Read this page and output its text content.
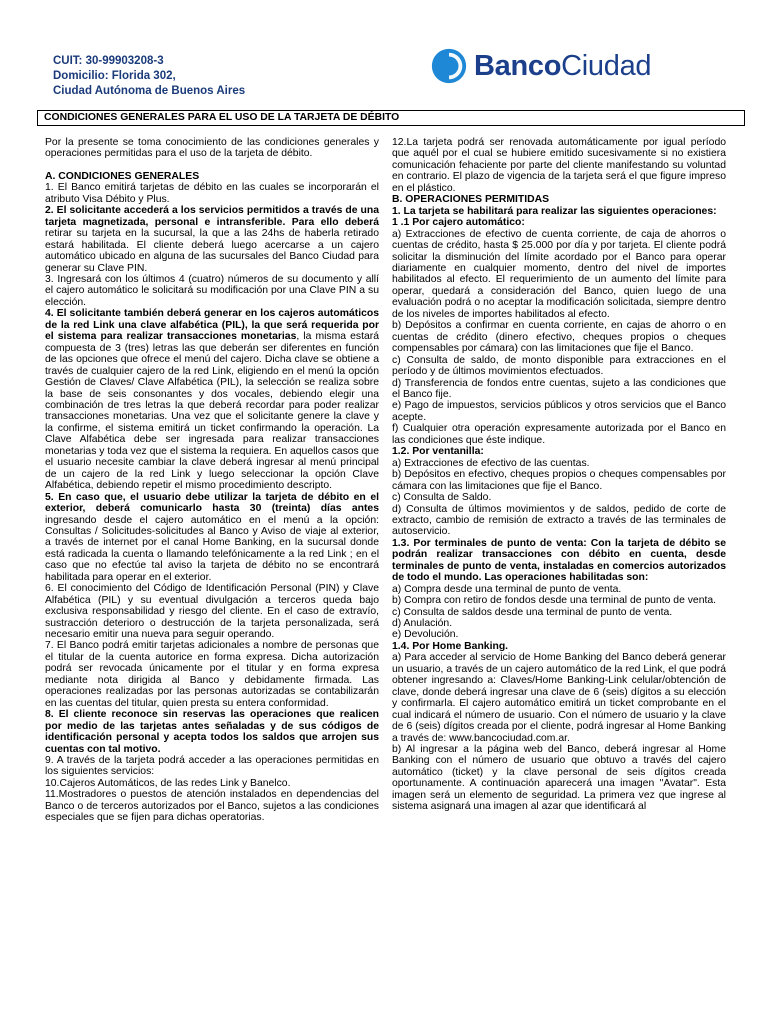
CUIT: 30-99903208-3
Domicilio: Florida 302,
Ciudad Autónoma de Buenos Aires
BancoCiudad
CONDICIONES GENERALES PARA EL USO DE LA TARJETA DE DÉBITO

Por la presente se toma conocimiento de las condiciones generales y operaciones permitidas para el uso de la tarjeta de débito.

A. CONDICIONES GENERALES

1. El Banco emitirá tarjetas de débito en las cuales se incorporarán el atributo Visa Débito y Plus.

2. El solicitante accederá a los servicios permitidos a través de una tarjeta magnetizada, personal e intransferible. Para ello deberá retirar su tarjeta en la sucursal, la que a las 24hs de haberla retirado estará habilitada. El cliente deberá luego acercarse a un cajero automático ubicado en alguna de las sucursales del Banco Ciudad para generar su Clave PIN.

3. Ingresará con los últimos 4 (cuatro) números de su documento y allí el cajero automático le solicitará su modificación por una Clave PIN a su elección.

4. El solicitante también deberá generar en los cajeros automáticos de la red Link una clave alfabética (PIL), la que será requerida por el sistema para realizar transacciones monetarias, la misma estará compuesta de 3 (tres) letras las que deberán ser diferentes en función de las opciones que ofrece el menú del cajero. Dicha clave se obtiene a través de cualquier cajero de la red Link, eligiendo en el menú la opción Gestión de Claves/ Clave Alfabética (PIL), la selección se realiza sobre la base de seis consonantes y dos vocales, debiendo elegir una combinación de tres letras la que deberá recordar para poder realizar transacciones monetarias. Una vez que el solicitante genere la clave y la confirme, el sistema emitirá un ticket confirmando la operación. La Clave Alfabética debe ser ingresada para realizar transacciones monetarias y toda vez que el sistema la requiera. En aquellos casos que el usuario necesite cambiar la clave deberá ingresar al menú principal de un cajero de la red Link y luego seleccionar la opción Clave Alfabética, debiendo repetir el mismo procedimiento descripto.

5. En caso que, el usuario debe utilizar la tarjeta de débito en el exterior, deberá comunicarlo hasta 30 (treinta) días antes ingresando desde el cajero automático en el menú a la opción: Consultas / Solicitudes-solicitudes al Banco y Aviso de viaje al exterior, a través de internet por el canal Home Banking, en la sucursal donde está radicada la cuenta o llamando telefónicamente a la red Link ; en el caso que no efectúe tal aviso la tarjeta de débito no se encontrará habilitada para operar en el exterior.

6. El conocimiento del Código de Identificación Personal (PIN) y Clave Alfabética (PIL) y su eventual divulgación a terceros queda bajo exclusiva responsabilidad y riesgo del cliente. En el caso de extravío, sustracción deterioro o destrucción de la tarjeta personalizada, será necesario emitir una nueva para seguir operando.

7. El Banco podrá emitir tarjetas adicionales a nombre de personas que el titular de la cuenta autorice en forma expresa. Dicha autorización podrá ser revocada únicamente por el titular y en forma expresa mediante nota dirigida al Banco y debidamente firmada. Las operaciones realizadas por las personas autorizadas se contabilizarán en las cuentas del titular, quien presta su entera conformidad.

8. El cliente reconoce sin reservas las operaciones que realicen por medio de las tarjetas antes señaladas y de sus códigos de identificación personal y acepta todos los saldos que arrojen sus cuentas con tal motivo.

9. A través de la tarjeta podrá acceder a las operaciones permitidas en los siguientes servicios:

10.Cajeros Automáticos, de las redes Link y Banelco.

11.Mostradores o puestos de atención instalados en dependencias del Banco o de terceros autorizados por el Banco, sujetos a las condiciones especiales que se fijen para dichas operatorias.

12.La tarjeta podrá ser renovada automáticamente por igual período que aquél por el cual se hubiere emitido sucesivamente si no existiera comunicación fehaciente por parte del cliente manifestando su voluntad en contrario. El plazo de vigencia de la tarjeta será el que figure impreso en el plástico.

B. OPERACIONES PERMITIDAS

1. La tarjeta se habilitará para realizar las siguientes operaciones:

1 .1 Por cajero automático:

a) Extracciones de efectivo de cuenta corriente, de caja de ahorros o cuentas de crédito, hasta $ 25.000 por día y por tarjeta. El cliente podrá solicitar la disminución del límite acordado por el Banco para operar diariamente en cualquier momento, dentro del nivel de importes habilitados al efecto. El requerimiento de un aumento del límite para operar, quedará a consideración del Banco, quien luego de una evaluación podrá o no aceptar la modificación solicitada, siempre dentro de los niveles de importes habilitados al efecto.

b) Depósitos a confirmar en cuenta corriente, en cajas de ahorro o en cuentas de crédito (dinero efectivo, cheques propios o cheques compensables por cámara) con las limitaciones que fije el Banco.

c) Consulta de saldo, de monto disponible para extracciones en el período y de últimos movimientos efectuados.

d) Transferencia de fondos entre cuentas, sujeto a las condiciones que el Banco fije.

e) Pago de impuestos, servicios públicos y otros servicios que el Banco acepte.

f) Cualquier otra operación expresamente autorizada por el Banco en las condiciones que éste indique.

1.2. Por ventanilla:

a) Extracciones de efectivo de las cuentas.

b) Depósitos en efectivo, cheques propios o cheques compensables por cámara con las limitaciones que fije el Banco.

c) Consulta de Saldo.

d) Consulta de últimos movimientos y de saldos, pedido de corte de extracto, cambio de remisión de extracto a través de las terminales de autoservicio.

1.3. Por terminales de punto de venta: Con la tarjeta de débito se podrán realizar transacciones con débito en cuenta, desde terminales de punto de venta, instaladas en comercios autorizados de todo el mundo. Las operaciones habilitadas son:

a) Compra desde una terminal de punto de venta.

b) Compra con retiro de fondos desde una terminal de punto de venta.

c) Consulta de saldos desde una terminal de punto de venta.

d) Anulación.

e) Devolución.

1.4. Por Home Banking.

a) Para acceder al servicio de Home Banking del Banco deberá generar un usuario, a través de un cajero automático de la red Link, el que podrá obtener ingresando a: Claves/Home Banking-Link celular/obtención de clave, donde deberá ingresar una clave de 6 (seis) dígitos a su elección y confirmarla. El cajero automático emitirá un ticket comprobante en el cual indicará el número de usuario. Con el número de usuario y la clave de 6 (seis) dígitos creada por el cliente, podrá ingresar al Home Banking a través de: www.bancociudad.com.ar.

b) Al ingresar a la página web del Banco, deberá ingresar al Home Banking con el número de usuario que obtuvo a través del cajero automático (ticket) y la clave personal de seis dígitos creada oportunamente. A continuación aparecerá una imagen "Avatar". Esta imagen será un elemento de seguridad. La primera vez que ingrese al sistema asignará una imagen al azar que identificará al
